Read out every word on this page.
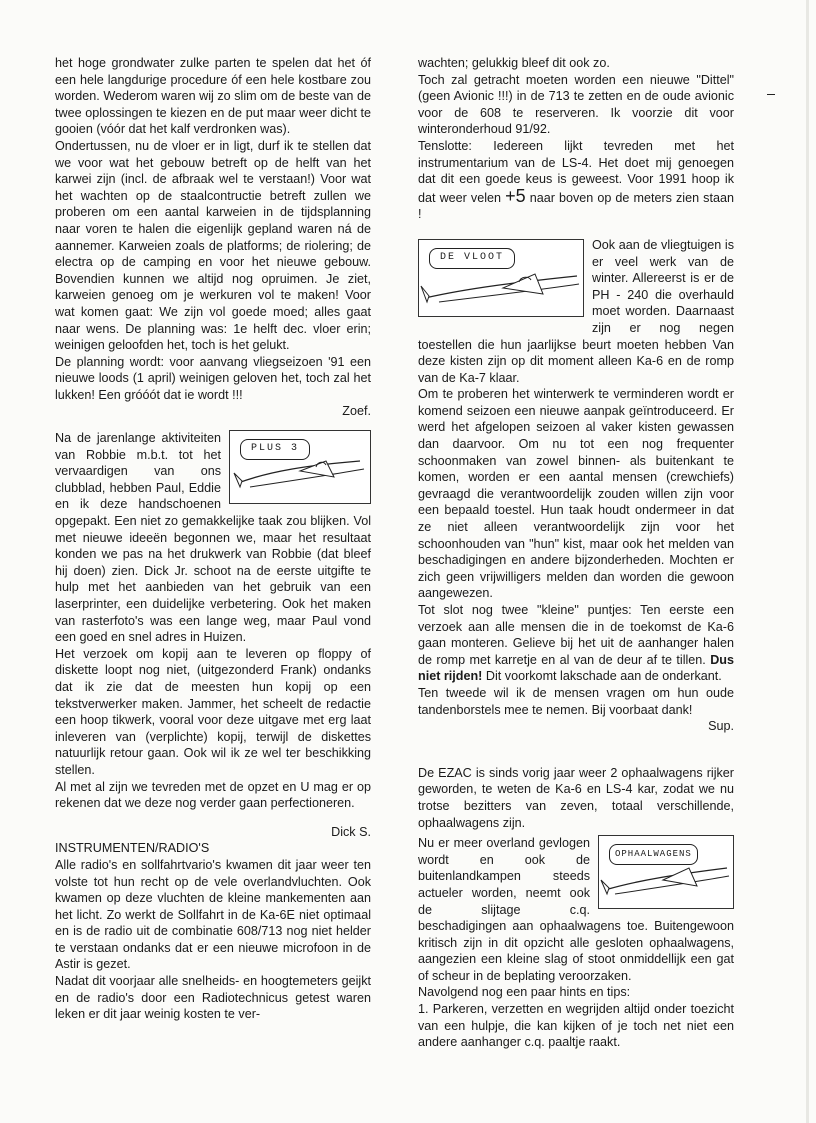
het hoge grondwater zulke parten te spelen dat het óf een hele langdurige procedure óf een hele kostbare zou worden. Wederom waren wij zo slim om de beste van de twee oplossingen te kiezen en de put maar weer dicht te gooien (vóór dat het kalf verdronken was).

Ondertussen, nu de vloer er in ligt, durf ik te stellen dat we voor wat het gebouw betreft op de helft van het karwei zijn (incl. de afbraak wel te verstaan!) Voor wat het wachten op de staalcontructie betreft zullen we proberen om een aantal karweien in de tijdsplanning naar voren te halen die eigenlijk gepland waren ná de aannemer. Karweien zoals de platforms; de riolering; de electra op de camping en voor het nieuwe gebouw. Bovendien kunnen we altijd nog opruimen. Je ziet, karweien genoeg om je werkuren vol te maken! Voor wat komen gaat: We zijn vol goede moed; alles gaat naar wens. De planning was: 1e helft dec. vloer erin; weinigen geloofden het, toch is het gelukt.

De planning wordt: voor aanvang vliegseizoen '91 een nieuwe loods (1 april) weinigen geloven het, toch zal het lukken! Een gróóót dat ie wordt !!!

Zoef.

PLUS 3

Na de jarenlange aktiviteiten van Robbie m.b.t. tot het vervaardigen van ons clubblad, hebben Paul, Eddie en ik deze handschoenen opgepakt. Een niet zo gemakkelijke taak zou blijken. Vol met nieuwe ideeën begonnen we, maar het resultaat konden we pas na het drukwerk van Robbie (dat bleef hij doen) zien. Dick Jr. schoot na de eerste uitgifte te hulp met het aanbieden van het gebruik van een laserprinter, een duidelijke verbetering. Ook het maken van rasterfoto's was een lange weg, maar Paul vond een goed en snel adres in Huizen.

Het verzoek om kopij aan te leveren op floppy of diskette loopt nog niet, (uitgezonderd Frank) ondanks dat ik zie dat de meesten hun kopij op een tekstverwerker maken. Jammer, het scheelt de redactie een hoop tikwerk, vooral voor deze uitgave met erg laat inleveren van (verplichte) kopij, terwijl de diskettes natuurlijk retour gaan. Ook wil ik ze wel ter beschikking stellen.

Al met al zijn we tevreden met de opzet en U mag er op rekenen dat we deze nog verder gaan perfectioneren.

Dick S.

INSTRUMENTEN/RADIO'S

Alle radio's en sollfahrtvario's kwamen dit jaar weer ten volste tot hun recht op de vele overlandvluchten. Ook kwamen op deze vluchten de kleine mankementen aan het licht. Zo werkt de Sollfahrt in de Ka-6E niet optimaal en is de radio uit de combinatie 608/713 nog niet helder te verstaan ondanks dat er een nieuwe microfoon in de Astir is gezet.

Nadat dit voorjaar alle snelheids- en hoogtemeters geijkt en de radio's door een Radiotechnicus getest waren leken er dit jaar weinig kosten te ver-

wachten; gelukkig bleef dit ook zo.

Toch zal getracht moeten worden een nieuwe "Dittel"(geen Avionic !!!) in de 713 te zetten en de oude avionic voor de 608 te reserveren. Ik voorzie dit voor winteronderhoud 91/92.

Tenslotte: Iedereen lijkt tevreden met het instrumentarium van de LS-4. Het doet mij genoegen dat dit een goede keus is geweest. Voor 1991 hoop ik dat weer velen +5 naar boven op de meters zien staan !

DE VLOOT

Ook aan de vliegtuigen is er veel werk van de winter. Allereerst is er de PH - 240 die overhauld moet worden. Daarnaast zijn er nog negen toestellen die hun jaarlijkse beurt moeten hebben Van deze kisten zijn op dit moment alleen Ka-6 en de romp van de Ka-7 klaar.

Om te proberen het winterwerk te verminderen wordt er komend seizoen een nieuwe aanpak geïntroduceerd. Er werd het afgelopen seizoen al vaker kisten gewassen dan daarvoor. Om nu tot een nog frequenter schoonmaken van zowel binnen- als buitenkant te komen, worden er een aantal mensen (crewchiefs) gevraagd die verantwoordelijk zouden willen zijn voor een bepaald toestel. Hun taak houdt ondermeer in dat ze niet alleen verantwoordelijk zijn voor het schoonhouden van "hun" kist, maar ook het melden van beschadigingen en andere bijzonderheden. Mochten er zich geen vrijwilligers melden dan worden die gewoon aangewezen.

Tot slot nog twee "kleine" puntjes: Ten eerste een verzoek aan alle mensen die in de toekomst de Ka-6 gaan monteren. Gelieve bij het uit de aanhanger halen de romp met karretje en al van de deur af te tillen. Dus niet rijden! Dit voorkomt lakschade aan de onderkant.

Ten tweede wil ik de mensen vragen om hun oude tandenborstels mee te nemen. Bij voorbaat dank!

Sup.

De EZAC is sinds vorig jaar weer 2 ophaalwagens rijker geworden, te weten de Ka-6 en LS-4 kar, zodat we nu trotse bezitters van zeven, totaal verschillende, ophaalwagens zijn.

OPHAALWAGENS

Nu er meer overland gevlogen wordt en ook de buitenlandkampen steeds actueler worden, neemt ook de slijtage c.q. beschadigingen aan ophaalwagens toe. Buitengewoon kritisch zijn in dit opzicht alle gesloten ophaalwagens, aangezien een kleine slag of stoot onmiddellijk een gat of scheur in de beplating veroorzaken.

Navolgend nog een paar hints en tips:

1. Parkeren, verzetten en wegrijden altijd onder toezicht van een hulpje, die kan kijken of je toch net niet een andere aanhanger c.q. paaltje raakt.
